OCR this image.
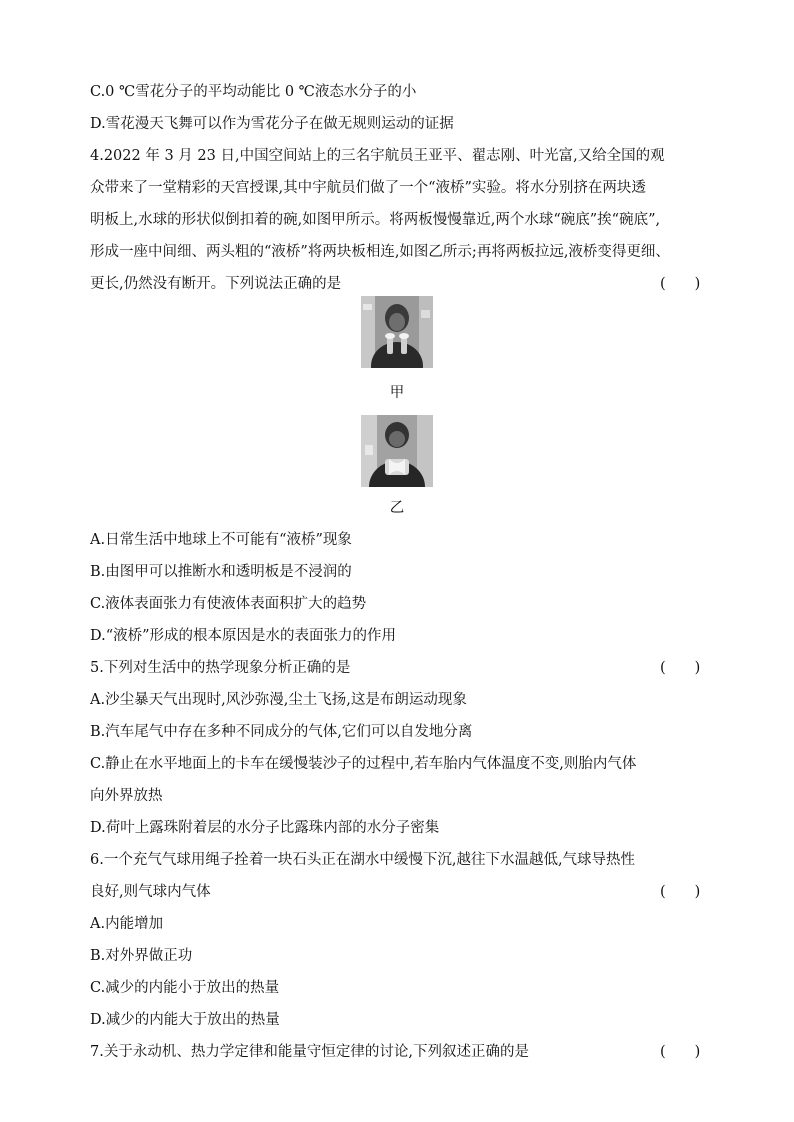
C.0 ℃雪花分子的平均动能比 0 ℃液态水分子的小
D.雪花漫天飞舞可以作为雪花分子在做无规则运动的证据
4.2022 年 3 月 23 日,中国空间站上的三名宇航员王亚平、翟志刚、叶光富,又给全国的观
众带来了一堂精彩的天宫授课,其中宇航员们做了一个“液桥”实验。将水分别挤在两块透
明板上,水球的形状似倒扣着的碗,如图甲所示。将两板慢慢靠近,两个水球“碗底”挨“碗底”,
形成一座中间细、两头粗的“液桥”将两块板相连,如图乙所示;再将两板拉远,液桥变得更细、
更长,仍然没有断开。下列说法正确的是	(　　)
甲
乙
A.日常生活中地球上不可能有“液桥”现象
B.由图甲可以推断水和透明板是不浸润的
C.液体表面张力有使液体表面积扩大的趋势
D.“液桥”形成的根本原因是水的表面张力的作用
5.下列对生活中的热学现象分析正确的是	(　　)
A.沙尘暴天气出现时,风沙弥漫,尘土飞扬,这是布朗运动现象
B.汽车尾气中存在多种不同成分的气体,它们可以自发地分离
C.静止在水平地面上的卡车在缓慢装沙子的过程中,若车胎内气体温度不变,则胎内气体
向外界放热
D.荷叶上露珠附着层的水分子比露珠内部的水分子密集
6.一个充气气球用绳子拴着一块石头正在湖水中缓慢下沉,越往下水温越低,气球导热性
良好,则气球内气体	(　　)
A.内能增加
B.对外界做正功
C.减少的内能小于放出的热量
D.减少的内能大于放出的热量
7.关于永动机、热力学定律和能量守恒定律的讨论,下列叙述正确的是	(　　)
